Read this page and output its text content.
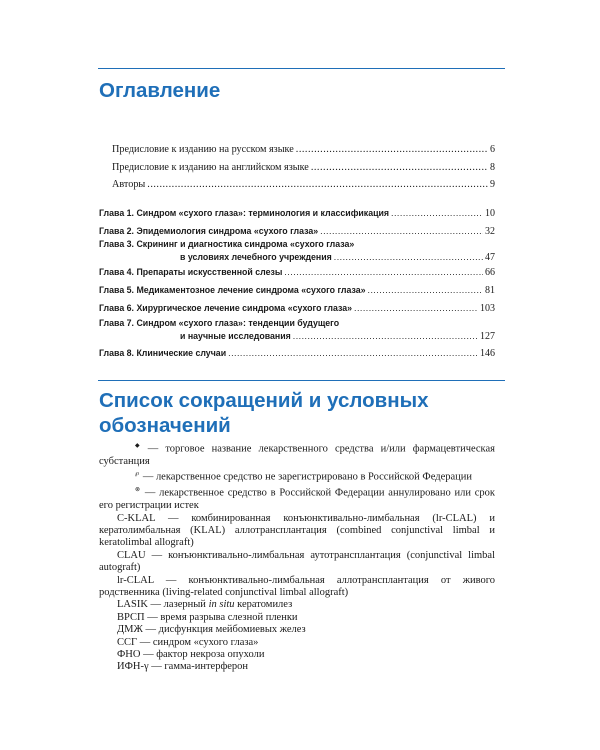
Оглавление
Предисловие к изданию на русском языке .....	6
Предисловие к изданию на английском языке .....	8
Авторы .....	9
Глава 1. Синдром «сухого глаза»: терминология и классификация .....	10
Глава 2. Эпидемиология синдрома «сухого глаза» .....	32
Глава 3. Скрининг и диагностика синдрома «сухого глаза»
в условиях лечебного учреждения .....	47
Глава 4. Препараты искусственной слезы .....	66
Глава 5. Медикаментозное лечение синдрома «сухого глаза» .....	81
Глава 6. Хирургическое лечение синдрома «сухого глаза» .....	103
Глава 7. Синдром «сухого глаза»: тенденции будущего
и научные исследования .....	127
Глава 8. Клинические случаи .....	146
Список сокращений и условных
обозначений
◆ — торговое название лекарственного средства и/или фармацевтическая субстанция
℘ — лекарственное средство не зарегистрировано в Российской Федерации
⊗ — лекарственное средство в Российской Федерации аннулировано или срок его регистрации истек
C-KLAL — комбинированная конъюнктивально-лимбальная (lr-CLAL) и кератолимбальная (KLAL) аллотрансплантация (combined conjunctival limbal и keratolimbal allograft)
CLAU — конъюнктивально-лимбальная аутотрансплантация (conjunctival limbal autograft)
lr-CLAL — конъюнктивально-лимбальная аллотрансплантация от живого родственника (living-related conjunctival limbal allograft)
LASIK — лазерный in situ кератомилез
ВРСП — время разрыва слезной пленки
ДМЖ — дисфункция мейбомиевых желез
ССГ — синдром «сухого глаза»
ФНО — фактор некроза опухоли
ИФН-γ — гамма-интерферон
